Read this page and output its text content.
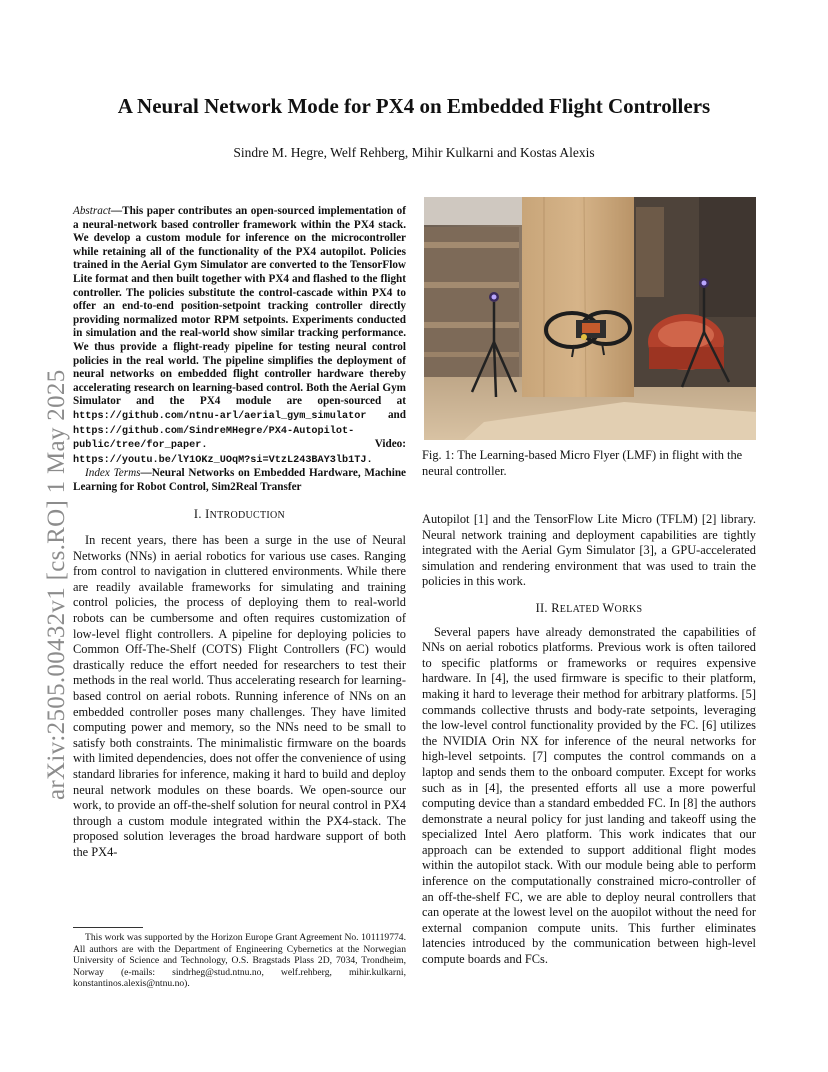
arXiv:2505.00432v1 [cs.RO] 1 May 2025
A Neural Network Mode for PX4 on Embedded Flight Controllers
Sindre M. Hegre, Welf Rehberg, Mihir Kulkarni and Kostas Alexis

Abstract—This paper contributes an open-sourced implementation of a neural-network based controller framework within the PX4 stack. We develop a custom module for inference on the microcontroller while retaining all of the functionality of the PX4 autopilot. Policies trained in the Aerial Gym Simulator are converted to the TensorFlow Lite format and then built together with PX4 and flashed to the flight controller. The policies substitute the control-cascade within PX4 to offer an end-to-end position-setpoint tracking controller directly providing normalized motor RPM setpoints. Experiments conducted in simulation and the real-world show similar tracking performance. We thus provide a flight-ready pipeline for testing neural control policies in the real world. The pipeline simplifies the deployment of neural networks on embedded flight controller hardware thereby accelerating research on learning-based control. Both the Aerial Gym Simulator and the PX4 module are open-sourced at https://github.com/ntnu-arl/aerial_gym_simulator and https://github.com/SindreMHegre/PX4-Autopilot-public/tree/for_paper.	Video: https://youtu.be/lY1OKz_UOqM?si=VtzL243BAY3lb1TJ.

Index Terms—Neural Networks on Embedded Hardware, Machine Learning for Robot Control, Sim2Real Transfer

I. INTRODUCTION

In recent years, there has been a surge in the use of Neural Networks (NNs) in aerial robotics for various use cases. Ranging from control to navigation in cluttered environments. While there are readily available frameworks for simulating and training control policies, the process of deploying them to real-world robots can be cumbersome and often requires customization of low-level flight controllers. A pipeline for deploying policies to Common Off-The-Shelf (COTS) Flight Controllers (FC) would drastically reduce the effort needed for researchers to test their methods in the real world. Thus accelerating research for learning-based control on aerial robots. Running inference of NNs on an embedded controller poses many challenges. They have limited computing power and memory, so the NNs need to be small to satisfy both constraints. The minimalistic firmware on the boards with limited dependencies, does not offer the convenience of using standard libraries for inference, making it hard to build and deploy neural network modules on these boards. We open-source our work, to provide an off-the-shelf solution for neural control in PX4 through a custom module integrated within the PX4-stack. The proposed solution leverages the broad hardware support of both the PX4-

This work was supported by the Horizon Europe Grant Agreement No. 101119774. All authors are with the Department of Engineering Cybernetics at the Norwegian University of Science and Technology, O.S. Bragstads Plass 2D, 7034, Trondheim, Norway (e-mails: sindrheg@stud.ntnu.no, welf.rehberg, mihir.kulkarni, konstantinos.alexis@ntnu.no).
Fig. 1: The Learning-based Micro Flyer (LMF) in flight with the neural controller.

Autopilot [1] and the TensorFlow Lite Micro (TFLM) [2] library. Neural network training and deployment capabilities are tightly integrated with the Aerial Gym Simulator [3], a GPU-accelerated simulation and rendering environment that was used to train the policies in this work.

II. RELATED WORKS

Several papers have already demonstrated the capabilities of NNs on aerial robotics platforms. Previous work is often tailored to specific platforms or frameworks or requires expensive hardware. In [4], the used firmware is specific to their platform, making it hard to leverage their method for arbitrary platforms. [5] commands collective thrusts and body-rate setpoints, leveraging the low-level control functionality provided by the FC. [6] utilizes the NVIDIA Orin NX for inference of the neural networks for high-level setpoints. [7] computes the control commands on a laptop and sends them to the onboard computer. Except for works such as in [4], the presented efforts all use a more powerful computing device than a standard embedded FC. In [8] the authors demonstrate a neural policy for just landing and takeoff using the specialized Intel Aero platform. This work indicates that our approach can be extended to support additional flight modes within the autopilot stack. With our module being able to perform inference on the computationally constrained micro-controller of an off-the-shelf FC, we are able to deploy neural controllers that can operate at the lowest level on the auopilot without the need for external companion compute units. This further eliminates latencies introduced by the communication between high-level compute boards and FCs.
